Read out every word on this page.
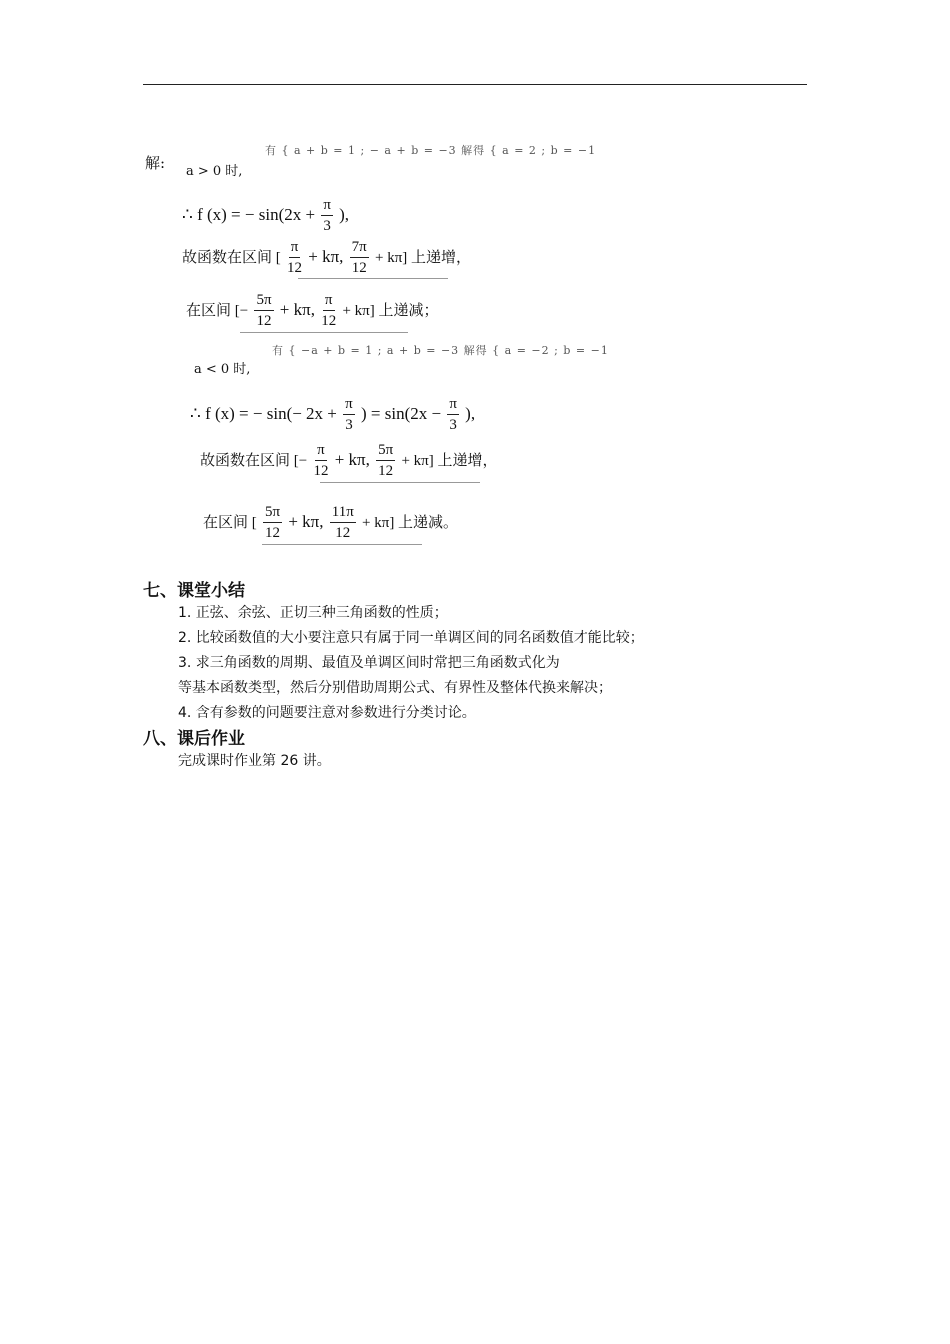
解: a > 0 时,
有 { a + b = 1 ; − a + b = −3 解得 { a = 2 ; b = −1
∴ f (x) = − $\sin(2x + \frac{\pi}{3}$ ),
故函数在区间 [ $\frac{\pi}{12} + k\pi$, $\frac{7\pi}{12} + k\pi$] 上递增，
在区间 [− $\frac{5\pi}{12} + k\pi$, $\frac{\pi}{12} + k\pi$] 上递减；
a < 0 时,
有 { −a + b = 1 ; a + b = −3 解得 { a = −2 ; b = −1
∴ f (x) = − $\sin(- 2x + \frac{\pi}{3}$ ) = $\sin(2x - \frac{\pi}{3}$ ),
故函数在区间 [− $\frac{\pi}{12} + k\pi$, $\frac{5\pi}{12} + k\pi$] 上递增，
在区间 [ $\frac{5\pi}{12} + k\pi$, $\frac{11\pi}{12} + k\pi$] 上递减。
七、课堂小结
1. 正弦、余弦、正切三种三角函数的性质；
2. 比较函数值的大小要注意只有属于同一单调区间的同名函数值才能比较；
3. 求三角函数的周期、最值及单调区间时常把三角函数式化为
等基本函数类型，然后分别借助周期公式、有界性及整体代换来解决；
4. 含有参数的问题要注意对参数进行分类讨论。
八、课后作业
完成课时作业第 26 讲。
